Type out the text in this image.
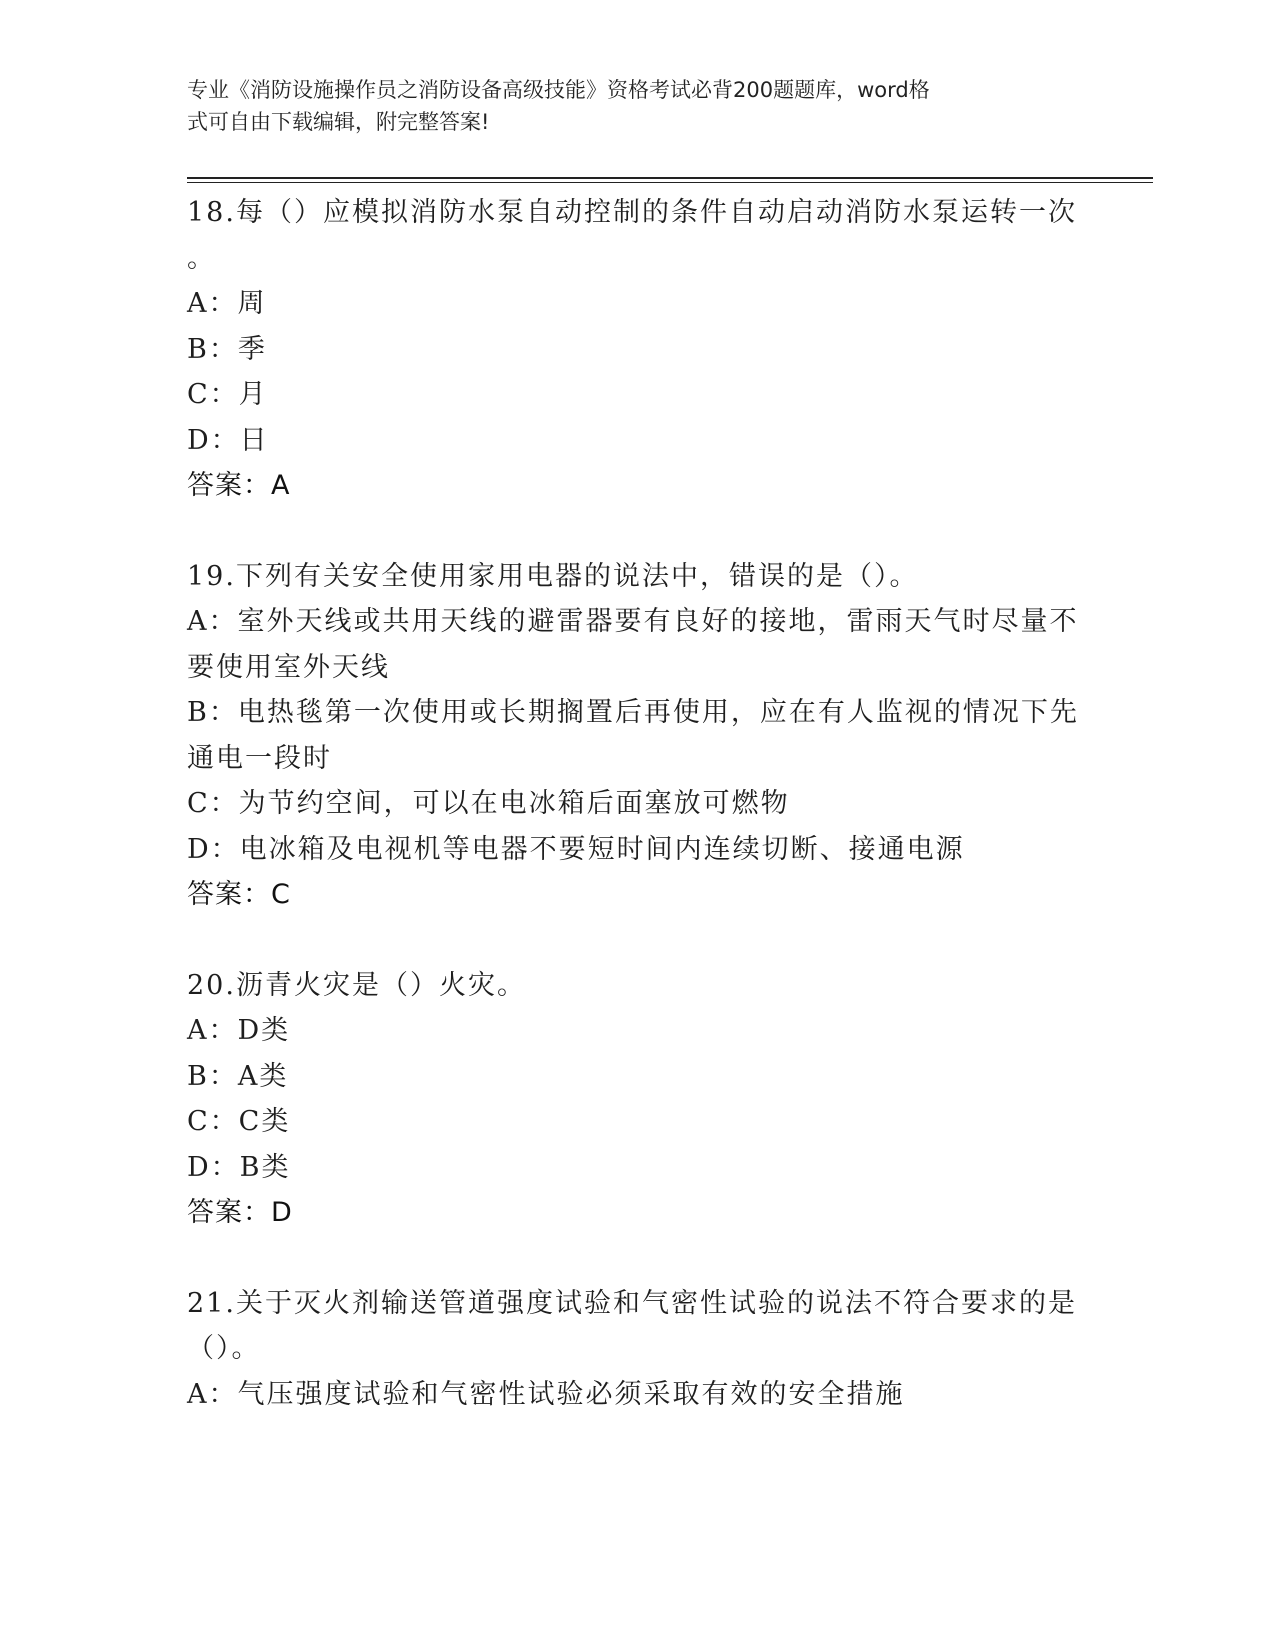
专业《消防设施操作员之消防设备高级技能》资格考试必背200题题库，word格
式可自由下载编辑，附完整答案!
18.每（）应模拟消防水泵自动控制的条件自动启动消防水泵运转一次
。
A：周
B：季
C：月
D：日
答案：A
19.下列有关安全使用家用电器的说法中，错误的是（）。
A：室外天线或共用天线的避雷器要有良好的接地，雷雨天气时尽量不
要使用室外天线
B：电热毯第一次使用或长期搁置后再使用，应在有人监视的情况下先
通电一段时
C：为节约空间，可以在电冰箱后面塞放可燃物
D：电冰箱及电视机等电器不要短时间内连续切断、接通电源
答案：C
20.沥青火灾是（）火灾。
A：D类
B：A类
C：C类
D：B类
答案：D
21.关于灭火剂输送管道强度试验和气密性试验的说法不符合要求的是
（）。
A：气压强度试验和气密性试验必须采取有效的安全措施
